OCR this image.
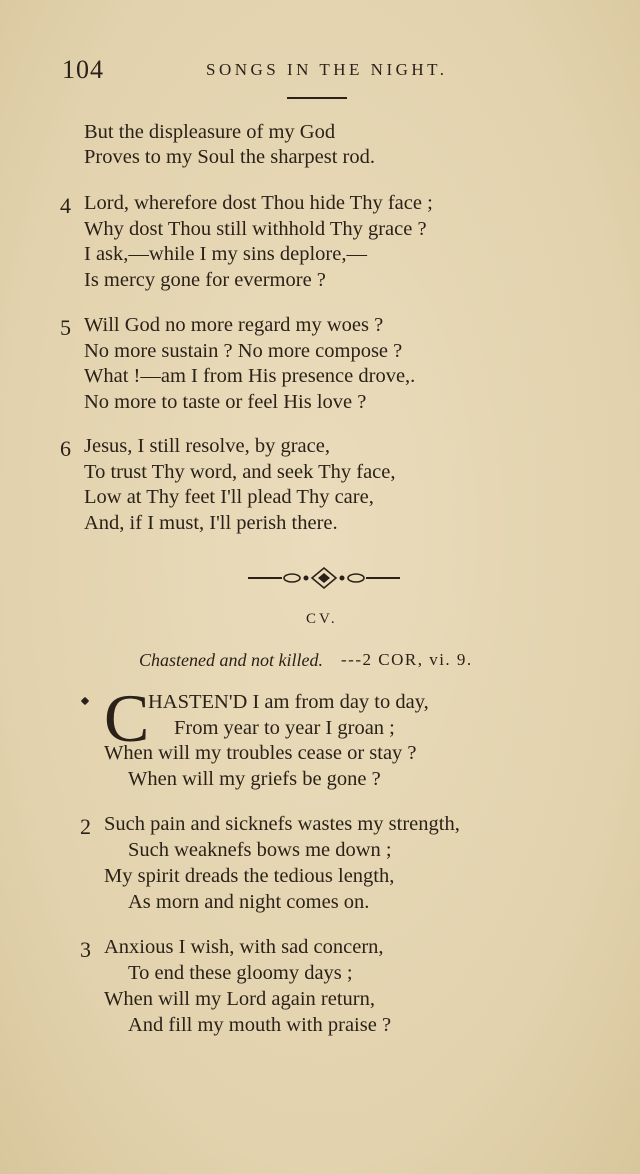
104	SONGS IN THE NIGHT.
But the displeasure of my God
Proves to my Soul the sharpest rod.
4 Lord, wherefore dost Thou hide Thy face ;
Why dost Thou still withhold Thy grace ?
I ask,—while I my sins deplore,—
Is mercy gone for evermore ?
5 Will God no more regard my woes ?
No more sustain ? No more compose ?
What !—am I from His presence drove,.
No more to taste or feel His love ?
6 Jesus, I still resolve, by grace,
To trust Thy word, and seek Thy face,
Low at Thy feet I'll plead Thy care,
And, if I must, I'll perish there.
CV.
Chastened and not killed. ---2 COR, vi. 9.
C
HASTEN'D I am from day to day,
From year to year I groan ;
When will my troubles cease or stay ?
When will my griefs be gone ?
2 Such pain and sicknefs wastes my strength,
Such weaknefs bows me down ;
My spirit dreads the tedious length,
As morn and night comes on.
3 Anxious I wish, with sad concern,
To end these gloomy days ;
When will my Lord again return,
And fill my mouth with praise ?
